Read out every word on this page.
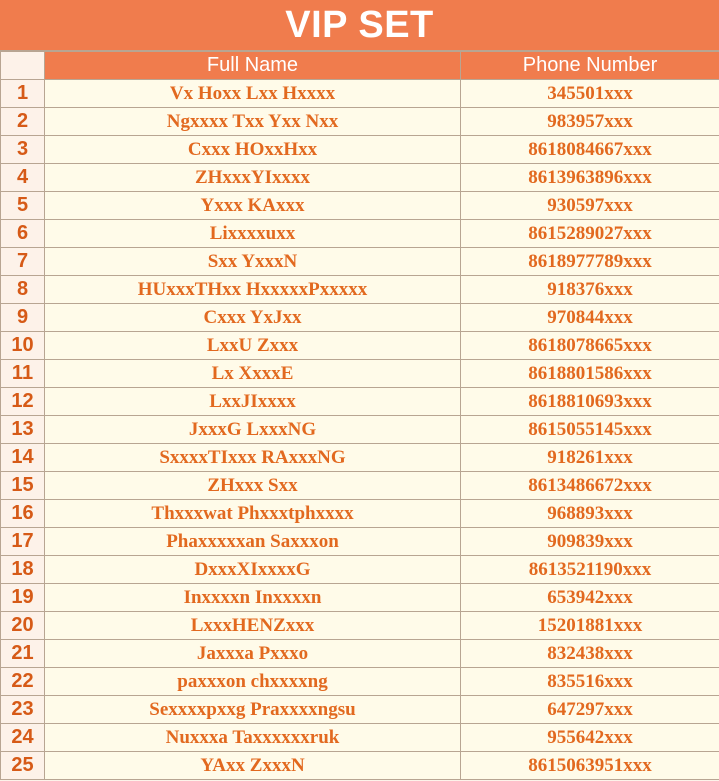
VIP SET
	Full Name	Phone Number
1	Vx Hoxx Lxx Hxxxx	345501xxx
2	Ngxxxx Txx Yxx Nxx	983957xxx
3	Cxxx HOxxHxx	8618084667xxx
4	ZHxxxYIxxxx	8613963896xxx
5	Yxxx KAxxx	930597xxx
6	Lixxxxuxx	8615289027xxx
7	Sxx YxxxN	8618977789xxx
8	HUxxxTHxx HxxxxxPxxxxx	918376xxx
9	Cxxx YxJxx	970844xxx
10	LxxU Zxxx	8618078665xxx
11	Lx XxxxE	8618801586xxx
12	LxxJIxxxx	8618810693xxx
13	JxxxG LxxxNG	8615055145xxx
14	SxxxxTIxxx RAxxxNG	918261xxx
15	ZHxxx Sxx	8613486672xxx
16	Thxxxwat Phxxxtphxxxx	968893xxx
17	Phaxxxxxan Saxxxon	909839xxx
18	DxxxXIxxxxG	8613521190xxx
19	Inxxxxn Inxxxxn	653942xxx
20	LxxxHENZxxx	15201881xxx
21	Jaxxxa Pxxxo	832438xxx
22	paxxxon chxxxxng	835516xxx
23	Sexxxxpxxg Praxxxxngsu	647297xxx
24	Nuxxxa Taxxxxxxruk	955642xxx
25	YAxx ZxxxN	8615063951xxx
